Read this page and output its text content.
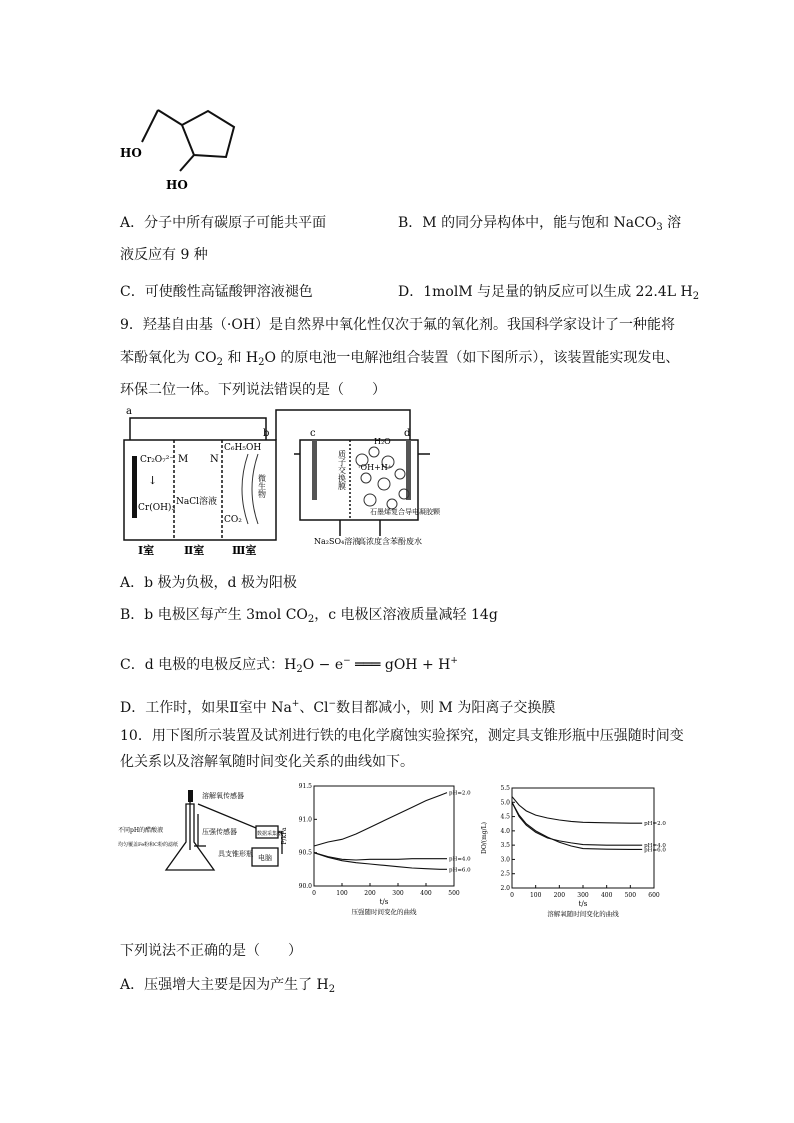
HO
HO
A．分子中所有碳原子可能共平面	B．M 的同分异构体中，能与饱和 NaCO$_3$ 溶
液反应有 9 种
C．可使酸性高锰酸钾溶液褪色	D．1molM 与足量的钠反应可以生成 22.4L $H_2$
9．羟基自由基（·OH）是自然界中氧化性仅次于氟的氧化剂。我国科学家设计了一种能将
苯酚氧化为 $CO_2$ 和 $H_2O$ 的原电池一电解池组合装置（如下图所示），该装置能实现发电、
环保二位一体。下列说法错误的是（　　）
a
b	c	d
Cr₂O₇²⁻
↓
Cr(OH)₃
M N
NaCl溶液
C₆H₅OH
CO₂
微生物
Ⅰ室	Ⅱ室	Ⅲ室
质子交换膜
H₂O
·OH+H⁺
石墨烯复合导电凝胶颗粒
Na₂SO₄溶液
高浓度含苯酚废水
A．b 极为负极，d 极为阳极
B．b 电极区每产生 3mol $CO_2$，c 电极区溶液质量减轻 14g
C．d 电极的电极反应式：$H_2O - e^-$ ═══ gOH + H+
D．工作时，如果Ⅱ室中 Na+、Cl−数目都减小，则 M 为阳离子交换膜
10．用下图所示装置及试剂进行铁的电化学腐蚀实验探究，测定具支锥形瓶中压强随时间变
化关系以及溶解氧随时间变化关系的曲线如下。
溶解氧传感器
压强传感器
具支锥形瓶
不同pH的醋酸液
均匀覆盖Fe粉和C粉的滤纸
数据采集器
电脑
0	100	200	300	400	500
90.0
90.5
91.0
91.5
t/s
P/kPa
压强随时间变化的曲线
pH=2.0
pH=4.0
pH=6.0
0	100 200 300 400 500 600
2.0
2.5
3.0
3.5
4.0
4.5
5.0
5.5
t/s
DO/(mg/L)
溶解氧随时间变化的曲线
pH=2.0
pH=4.0
pH=6.0
下列说法不正确的是（　　）
A．压强增大主要是因为产生了 $H_2$
